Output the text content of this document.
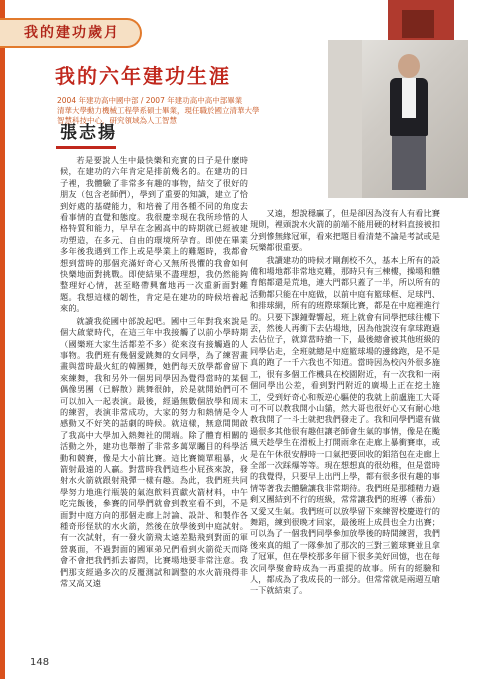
我的建功歲月
我的六年建功生涯
2004 年建功高中國中部 / 2007 年建功高中高中部畢業
清華大學動力機械工程學系碩士畢業，現任職於國立清華大學
智慧科技中心，研究領域為人工智慧
張志揚

若是要說人生中最快樂和充實的日子是什麼時候，在建功的六年肯定是排前幾名的。在建功的日子裡，我體驗了非常多有趣的事物，結交了很好的朋友（包含老師們），學到了重要的知識，建立了恰到好處的基礎能力，和培養了用各種不同的角度去看事情的直覺和態度。我很慶幸現在我所珍惜的人格特質和能力，早早在念國高中的時期就已經被建功塑造，在多元、自由的環境所孕育。即使在畢業多年後我遇到工作上或是學業上的難題時，我都會想到當時的那個充滿好奇心又無所畏懼的我會如何快樂地面對挑戰。即使結果不盡理想，我仍然能夠整理好心情，甚至略帶興奮地再一次重新面對難題。我想這樣的韌性，肯定是在建功的時候培養起來的。

就讀我從國中部說起吧。國中三年對我來說是個大啟蒙時代，在這三年中我接觸了以前小學時期（國樂班大家生活都差不多）從來沒有接觸過的人事物。我們班有幾個愛跳舞的女同學，為了練習畫畫與當時最火紅的韓團舞，她們每天放學都會留下來練舞，我和另外一個男同學因為覺得當時的某個偶像男團（已解散）跳舞很帥，於是就開始們可不可以加入一起表演。最後，經過無數個放學和周末的練習，表演非常成功，大家的努力和熱情是令人感動又不好笑的話劇的時候。就這樣，無意間開啟了我高中大學加入熱舞社的開端。除了體育相關的活動之外，建功也舉辦了非常多萬眾矚目的科學活動和競賽，像是大小前比賽。這比賽簡單粗暴，火箭射最遠的人贏。對當時我們這些小屁孩來說，發射水火箭就跟射飛彈一樣有趣。為此，我們班共同學努力地進行瓶裝的氣泡飲料貢獻火箭材料，中午吃完飯後，參賽的同學們就會到教室看不到，不是面對中庭方向的那個走廊上討論、設計、和製作各種奇形怪狀的水火箭，然後在放學後到中庭試射。有一次試射，有一發火箭飛太遠差點飛到對面的軍營裏面，不過對面的國軍弟兄們看到火箭從天而降會不會把我們抓去審問，比賽場地要非常注意。我們那支經過多次的反覆測試和調整的水火箭飛得非常又高又遠

又遠，想說穩贏了，但是卻因為沒有人有看比賽規則，裡頭說水火箭的前端不能用硬的材料直接被扣分到慘無緣冠軍，看來把題目看清楚不論是考試或是玩樂都很重要。

我讀建功的時候才剛創校不久，基本上所有的設備和場地都非常地克難，那時只有三棟樓，操場和體育館都還是荒地，連大門都只蓋了一半，所以所有的活動都只能在中庭做，以前中庭有籃球框、足球門、和排球網，所有的班際球類比賽，都是在中庭裡進行的。只要下課鐘聲響起，班上就會有同學把球往樓下丟，然後人再衝下去佔場地，因為他說沒有拿球跑過去佔位子，就算當時搶一下，最後總會被其他班級的同學佔走，全班就總是中庭籃球場的邊緣跑，是不是真的跑了一千六我也不知道。當時因為校內外很多施工，很有多個工作機具在校園附近，有一次我和一兩個同學出公差，看到對門附近的廣場上正在挖土施工，受到好奇心和叛逆心驅使的我就上前盧施工大哥可不可以教我開小山貓，然大哥也很好心又有耐心地教我開了一斗土就把我們發走了。我和同學們還有做過很多其他很有趣但讓老師會生氣的事情，像是在颱風天趁學生在滑板上打開雨傘在走廊上暴衝賽車，或是在午休很安靜時一口氣把要回收的鋁箔包在走廊上全部一次踩爆等等。現在想想真的很幼稚，但是當時的我覺得，只要早上出門上學，都有很多很有趣的事情等著我去體驗讓我非常期待。我們班是那種精力過剩又團結到不行的班級，常常讓我們的班導（番茄）又愛又生氣。我們班可以放學留下來練習校慶遊行的舞蹈，練到很晚才回家，最後班上成員也全力出賽；可以為了一個我們同學參加放學後的時間練習，我們後來真的組了一隊參加了那次的三對三籃球賽並且拿了冠軍，但在學校那多年留下很多美好回憶，也在每次同學聚會時成為一再重提的故事。所有的經驗和人，都成為了我成長的一部分。但常常就是兩週互嗆一下就結束了。

148
